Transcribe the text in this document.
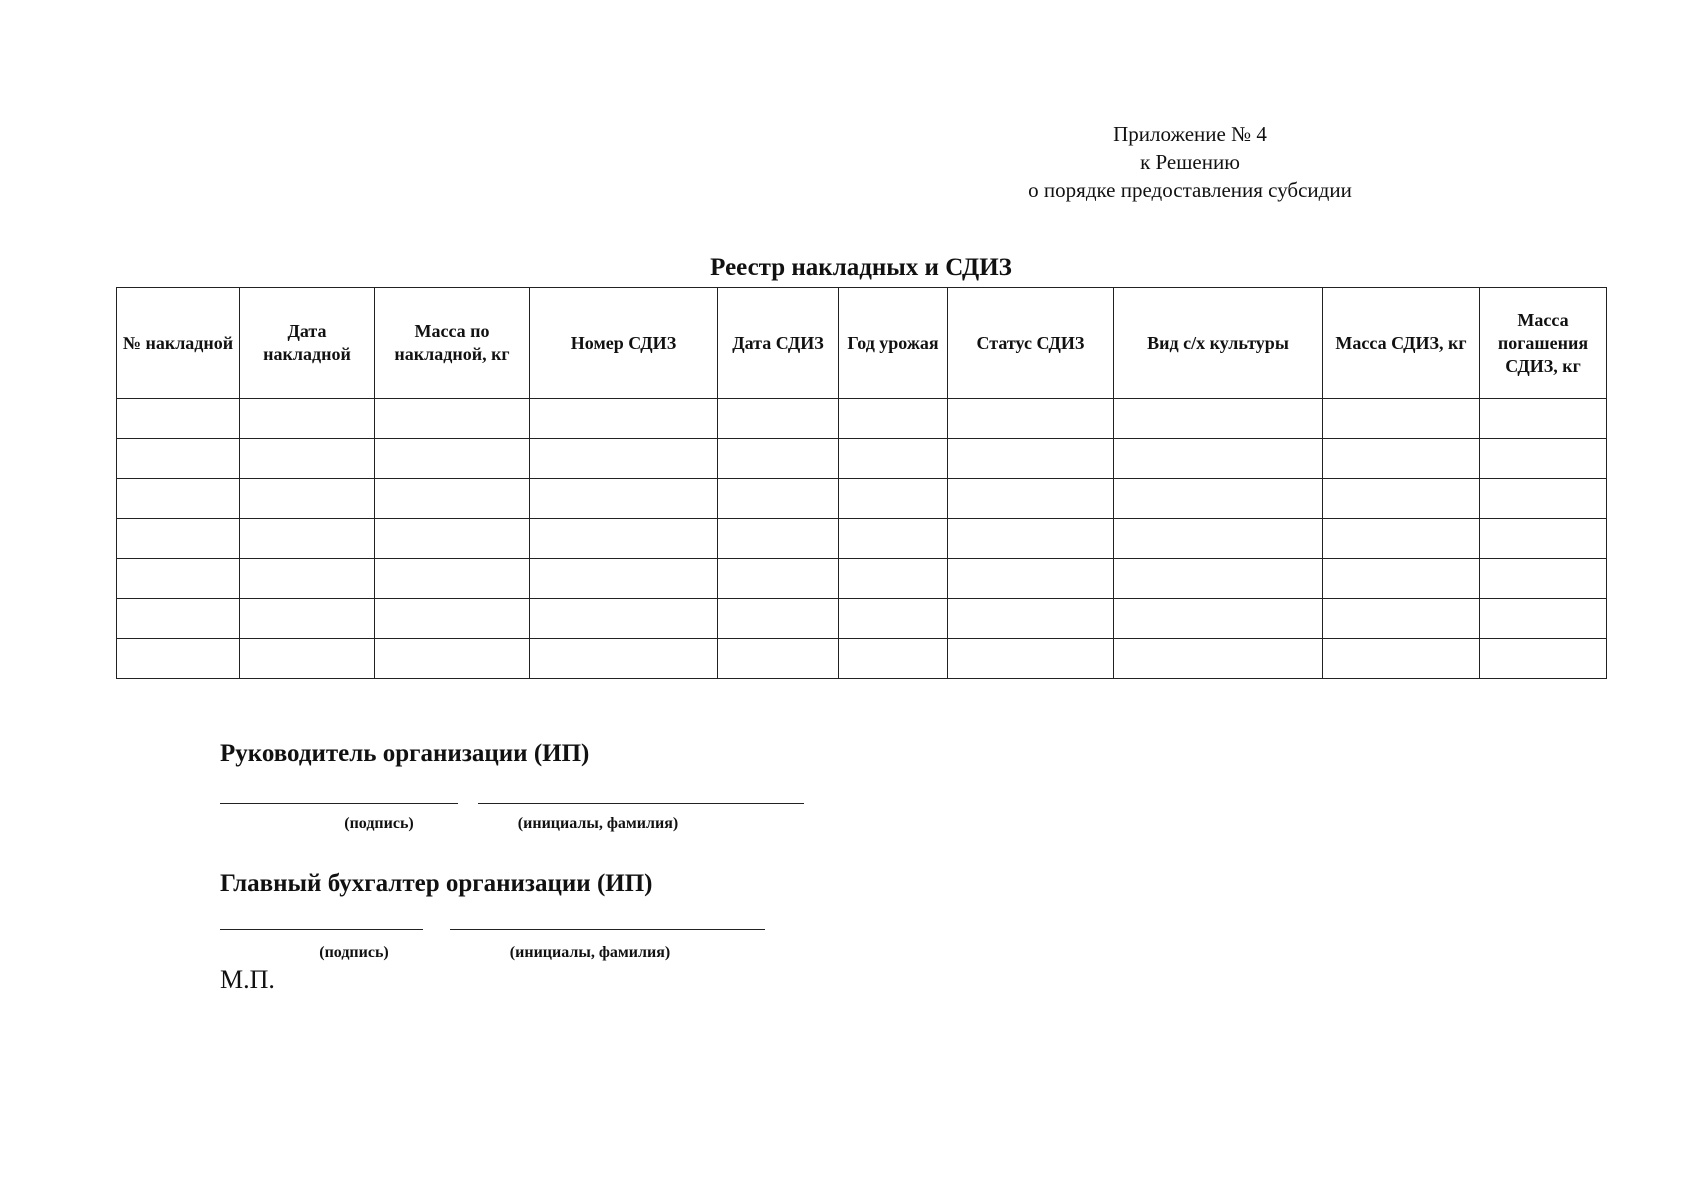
Приложение № 4
к Решению
о порядке предоставления субсидии
Реестр накладных и СДИЗ
№ накладной	Дата накладной	Масса по накладной, кг	Номер СДИЗ	Дата СДИЗ	Год урожая	Статус СДИЗ	Вид с/х культуры	Масса СДИЗ, кг	Масса погашения СДИЗ, кг

Руководитель организации (ИП)
(подпись)	(инициалы, фамилия)
Главный бухгалтер организации (ИП)
(подпись)	(инициалы, фамилия)
М.П.
